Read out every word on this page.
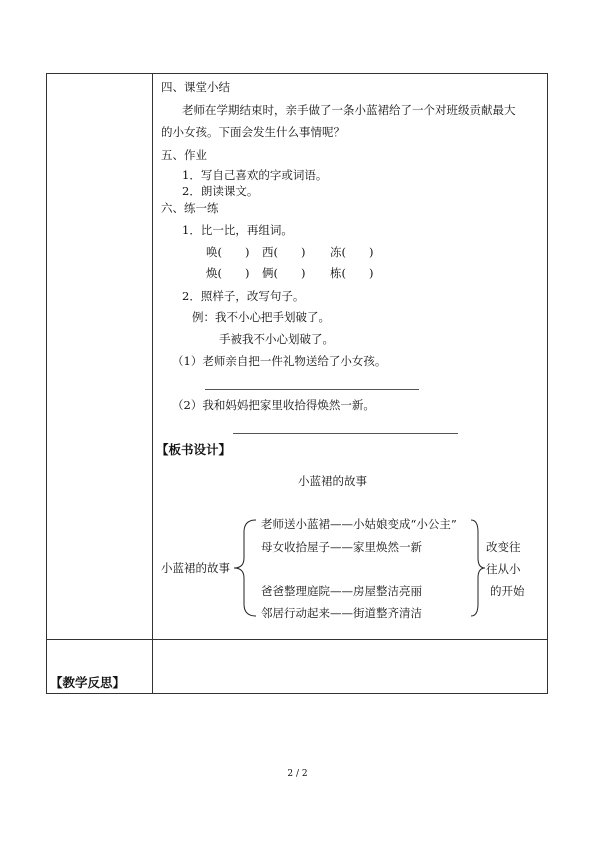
四、课堂小结
老师在学期结束时，亲手做了一条小蓝裙给了一个对班级贡献最大
的小女孩。下面会发生什么事情呢？
五、作业
1．写自己喜欢的字或词语。
2．朗读课文。
六、练一练
1．比一比，再组词。
唤(　　) 西(　　) 冻(　　)
焕(　　) 俩(　　) 栋(　　)
2．照样子，改写句子。
例：我不小心把手划破了。
手被我不小心划破了。
（1）老师亲自把一件礼物送给了小女孩。
（2）我和妈妈把家里收拾得焕然一新。
【板书设计】
小蓝裙的故事
小蓝裙的故事
老师送小蓝裙——小姑娘变成“小公主”
母女收拾屋子——家里焕然一新
爸爸整理庭院——房屋整洁亮丽
邻居行动起来——街道整齐清洁
改变往
往从小
的开始
【教学反思】
2 / 2
